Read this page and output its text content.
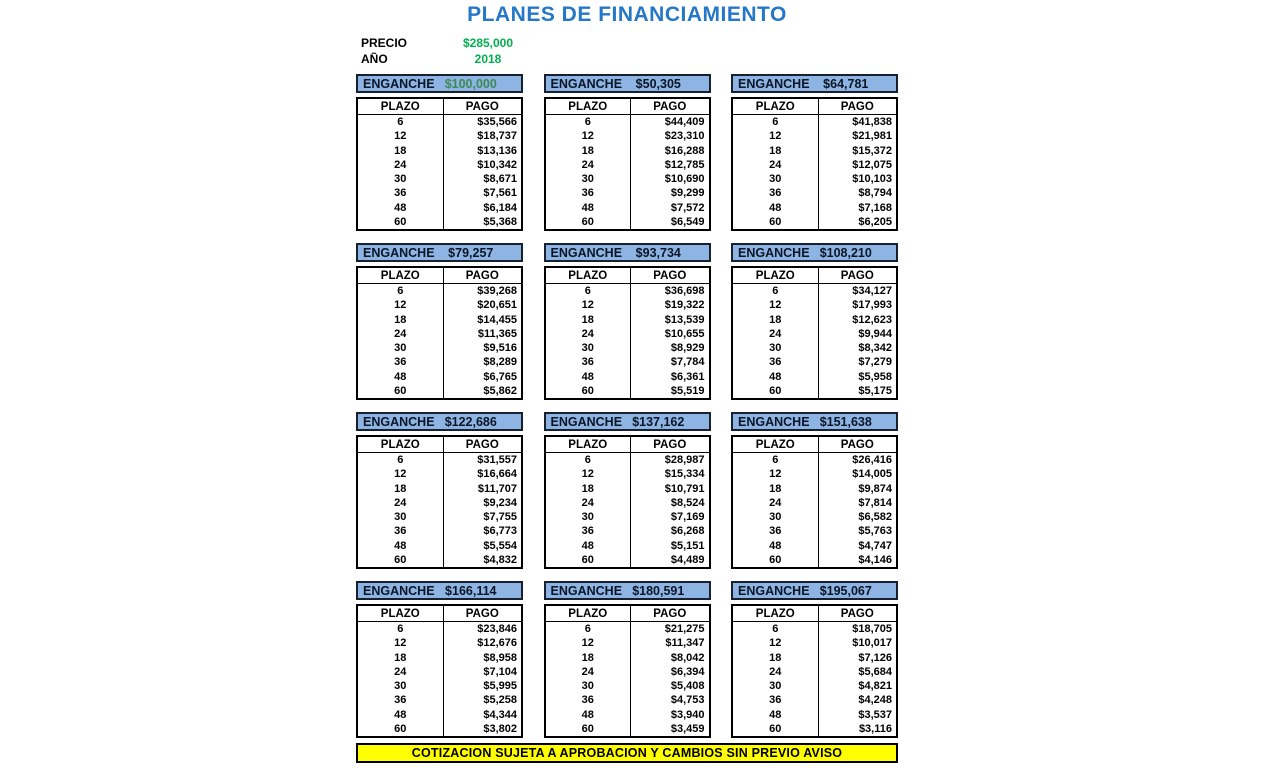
PLANES DE FINANCIAMIENTO
PRECIO	$285,000
AÑO	2018
ENGANCHE $100,000
PLAZO	PAGO
6	$35,566
12	$18,737
18	$13,136
24	$10,342
30	$8,671
36	$7,561
48	$6,184
60	$5,368
ENGANCHE	$50,305
PLAZO	PAGO
6	$44,409
12	$23,310
18	$16,288
24	$12,785
30	$10,690
36	$9,299
48	$7,572
60	$6,549
ENGANCHE	$64,781
PLAZO	PAGO
6	$41,838
12	$21,981
18	$15,372
24	$12,075
30	$10,103
36	$8,794
48	$7,168
60	$6,205
ENGANCHE	$79,257
PLAZO	PAGO
6	$39,268
12	$20,651
18	$14,455
24	$11,365
30	$9,516
36	$8,289
48	$6,765
60	$5,862
ENGANCHE	$93,734
PLAZO	PAGO
6	$36,698
12	$19,322
18	$13,539
24	$10,655
30	$8,929
36	$7,784
48	$6,361
60	$5,519
ENGANCHE $108,210
PLAZO	PAGO
6	$34,127
12	$17,993
18	$12,623
24	$9,944
30	$8,342
36	$7,279
48	$5,958
60	$5,175
ENGANCHE $122,686
PLAZO	PAGO
6	$31,557
12	$16,664
18	$11,707
24	$9,234
30	$7,755
36	$6,773
48	$5,554
60	$4,832
ENGANCHE $137,162
PLAZO	PAGO
6	$28,987
12	$15,334
18	$10,791
24	$8,524
30	$7,169
36	$6,268
48	$5,151
60	$4,489
ENGANCHE $151,638
PLAZO	PAGO
6	$26,416
12	$14,005
18	$9,874
24	$7,814
30	$6,582
36	$5,763
48	$4,747
60	$4,146
ENGANCHE $166,114
PLAZO	PAGO
6	$23,846
12	$12,676
18	$8,958
24	$7,104
30	$5,995
36	$5,258
48	$4,344
60	$3,802
ENGANCHE $180,591
PLAZO	PAGO
6	$21,275
12	$11,347
18	$8,042
24	$6,394
30	$5,408
36	$4,753
48	$3,940
60	$3,459
ENGANCHE $195,067
PLAZO	PAGO
6	$18,705
12	$10,017
18	$7,126
24	$5,684
30	$4,821
36	$4,248
48	$3,537
60	$3,116
COTIZACION SUJETA A APROBACION Y CAMBIOS SIN PREVIO AVISO
